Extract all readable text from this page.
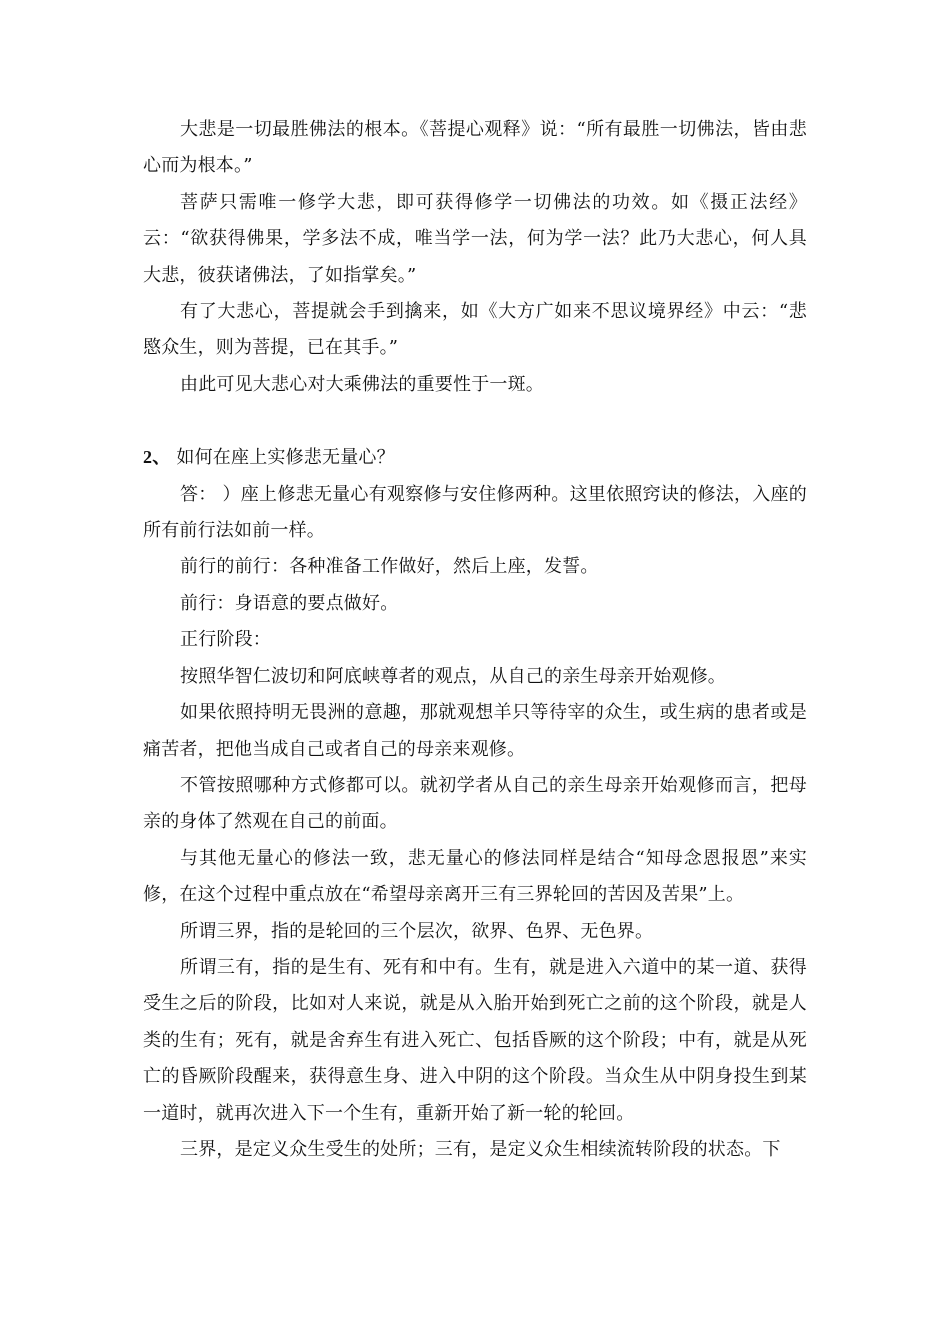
大悲是一切最胜佛法的根本。《菩提心观释》说：“所有最胜一切佛法，皆由悲心而为根本。”

菩萨只需唯一修学大悲，即可获得修学一切佛法的功效。如《摄正法经》云：“欲获得佛果，学多法不成，唯当学一法，何为学一法？此乃大悲心，何人具大悲，彼获诸佛法，了如指掌矣。”

有了大悲心，菩提就会手到擒来，如《大方广如来不思议境界经》中云：“悲愍众生，则为菩提，已在其手。”

由此可见大悲心对大乘佛法的重要性于一斑。

2、 如何在座上实修悲无量心？

答： ）座上修悲无量心有观察修与安住修两种。这里依照窍诀的修法，入座的所有前行法如前一样。

前行的前行：各种准备工作做好，然后上座，发誓。

前行：身语意的要点做好。

正行阶段：

按照华智仁波切和阿底峡尊者的观点，从自己的亲生母亲开始观修。

如果依照持明无畏洲的意趣，那就观想羊只等待宰的众生，或生病的患者或是痛苦者，把他当成自己或者自己的母亲来观修。

不管按照哪种方式修都可以。就初学者从自己的亲生母亲开始观修而言，把母亲的身体了然观在自己的前面。

与其他无量心的修法一致，悲无量心的修法同样是结合“知母念恩报恩”来实修，在这个过程中重点放在“希望母亲离开三有三界轮回的苦因及苦果”上。

所谓三界，指的是轮回的三个层次，欲界、色界、无色界。

所谓三有，指的是生有、死有和中有。生有，就是进入六道中的某一道、获得受生之后的阶段，比如对人来说，就是从入胎开始到死亡之前的这个阶段，就是人类的生有；死有，就是舍弃生有进入死亡、包括昏厥的这个阶段；中有，就是从死亡的昏厥阶段醒来，获得意生身、进入中阴的这个阶段。当众生从中阴身投生到某一道时，就再次进入下一个生有，重新开始了新一轮的轮回。

三界，是定义众生受生的处所；三有，是定义众生相续流转阶段的状态。下
